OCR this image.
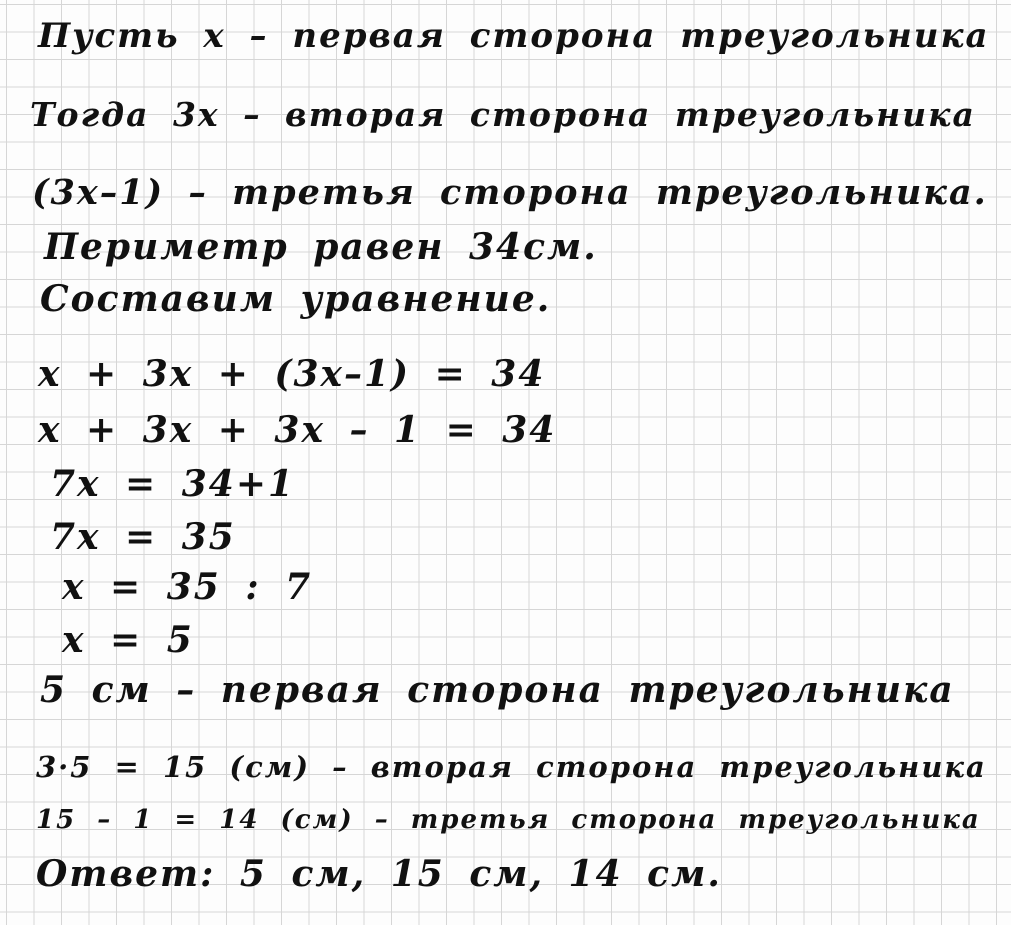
Пусть x – первая сторона треугольника

Тогда 3x – вторая сторона треугольника

(3x–1) – третья сторона треугольника.

Периметр равен 34см.

Составим уравнение.

x + 3x + (3x–1) = 34

x + 3x + 3x – 1 = 34

7x = 34+1

7x = 35

x = 35 : 7

x = 5

5 см – первая сторона треугольника

3·5 = 15 (см) – вторая сторона треугольника

15 – 1 = 14 (см) – третья сторона треугольника

Ответ: 5 см, 15 см, 14 см.
